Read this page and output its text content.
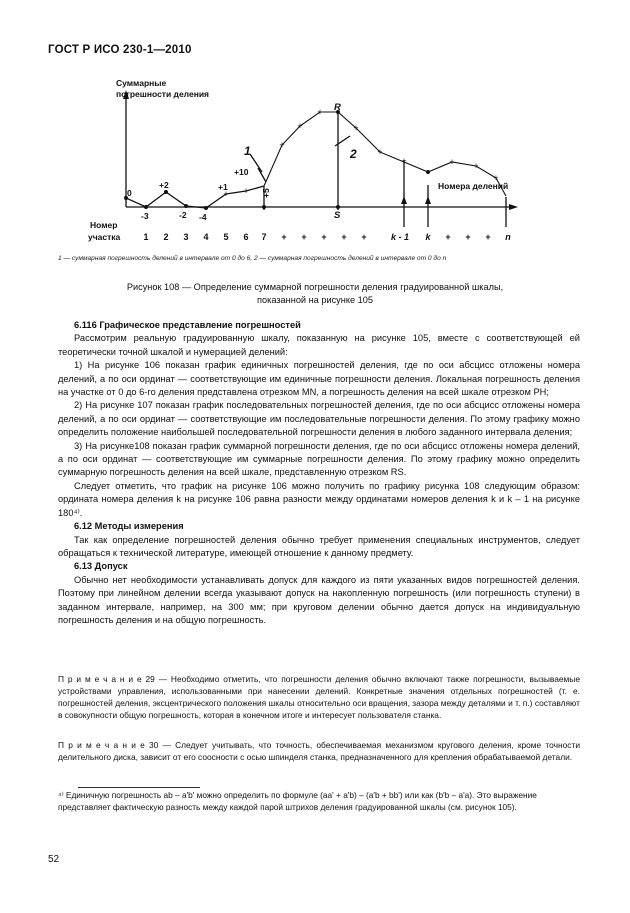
ГОСТ Р ИСО 230-1—2010
+ +
+
+
+
+
+
+	+ +
+
Суммарные
погрешности деления
Номера делений
Номер
участка
0
-3
+2
-2 -4
+1
+10
+5
R
S
1	2
1 2 3 4 5 6 7 + + + + +	k - 1 k + + + n
1 — суммарная погрешность делений в интервале от 0 до 6, 2 — суммарная погрешность делений в интервале от 0 до n
Рисунок 108 — Определение суммарной погрешности деления градуированной шкалы,
показанной на рисунке 105

6.116 Графическое представление погрешностей

Рассмотрим реальную градуированную шкалу, показанную на рисунке 105, вместе с соответствующей ей теоретически точной шкалой и нумерацией делений:

1) На рисунке 106 показан график единичных погрешностей деления, где по оси абсцисс отложены номера делений, а по оси ординат — соответствующие им единичные погрешности деления. Локальная погрешность деления на участке от 0 до 6-го деления представлена отрезком MN, а погрешность деления на всей шкале отрезком PH;

2) На рисунке 107 показан график последовательных погрешностей деления, где по оси абсцисс отложены номера делений, а по оси ординат — соответствующие им последовательные погрешности деления. По этому графику можно определить положение наибольшей последовательной погрешности деления в любого заданного интервала деления;

3) На рисунке108 показан график суммарной погрешности деления, где по оси абсцисс отложены номера делений, а по оси ординат — соответствующие им суммарные погрешности деления. По этому графику можно определить суммарную погрешность деления на всей шкале, представленную отрезком RS.

Следует отметить, что график на рисунке 106 можно получить по графику рисунка 108 следующим образом: ордината номера деления k на рисунке 106 равна разности между ординатами номеров деления k и k – 1 на рисунке 180⁴⁾.

6.12 Методы измерения

Так как определение погрешностей деления обычно требует применения специальных инструментов, следует обращаться к технической литературе, имеющей отношение к данному предмету.

6.13 Допуск

Обычно нет необходимости устанавливать допуск для каждого из пяти указанных видов погрешностей деления. Поэтому при линейном делении всегда указывают допуск на накопленную погрешность (или погрешность ступени) в заданном интервале, например, на 300 мм; при круговом делении обычно дается допуск на индивидуальную погрешность деления и на общую погрешность.

П р и м е ч а н и е 29 — Необходимо отметить, что погрешности деления обычно включают также погрешности, вызываемые устройствами управления, использованными при нанесении делений. Конкретные значения отдельных погрешностей (т. е. погрешностей деления, эксцентрического положения шкалы относительно оси вращения, зазора между деталями и т. п.) составляют в совокупности общую погрешность, которая в конечном итоге и интересует пользователя станка.
П р и м е ч а н и е 30 — Следует учитывать, что точность, обеспечиваемая механизмом кругового деления, кроме точности делительного диска, зависит от его соосности с осью шпинделя станка, предназначенного для крепления обрабатываемой детали.
⁴⁾ Единичную погрешность ab – a'b' можно определить по формуле (aa' + a'b) – (a'b + bb') или как (b'b – a'a). Это выражение представляет фактическую разность между каждой парой штрихов деления градуированной шкалы (см. рисунок 105).
52
